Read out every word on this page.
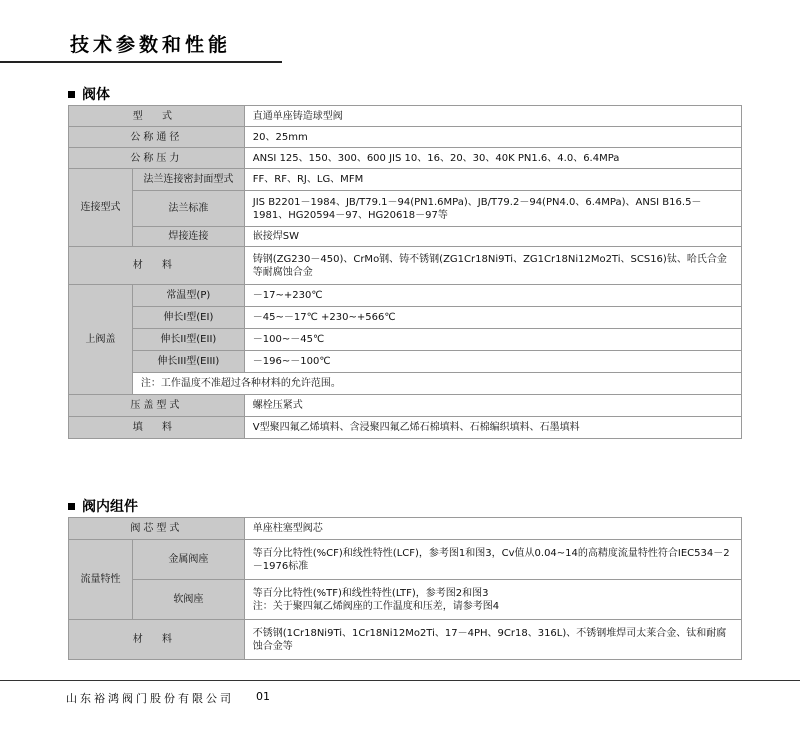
技术参数和性能
阀体
型 式		直通单座铸造球型阀
公称通径		20、25mm
公称压力		ANSI 125、150、300、600 JIS 10、16、20、30、40K PN1.6、4.0、6.4MPa
连接型式	法兰连接密封面型式	FF、RF、RJ、LG、MFM
	法兰标准	JIS B2201－1984、JB/T79.1－94(PN1.6MPa)、JB/T79.2－94(PN4.0、6.4MPa)、ANSI B16.5－1981、HG20594－97、HG20618－97等
	焊接连接	嵌接焊SW
材 料		铸钢(ZG230－450)、CrMo钢、铸不锈钢(ZG1Cr18Ni9Ti、ZG1Cr18Ni12Mo2Ti、SCS16)钛、哈氏合金等耐腐蚀合金
上阀盖	常温型(P)	－17~+230℃
	伸长I型(EI)	－45~－17℃ +230~+566℃
	伸长II型(EII)	－100~－45℃
	伸长III型(EIII)	－196~－100℃
	注：工作温度不准超过各种材料的允许范围。	
压盖型式		螺栓压紧式
填 料		V型聚四氟乙烯填料、含浸聚四氟乙烯石棉填料、石棉编织填料、石墨填料
阀内组件
阀芯型式		单座柱塞型阀芯
流量特性	金属阀座	等百分比特性(%CF)和线性特性(LCF)，参考图1和图3，Cv值从0.04~14的高精度流量特性符合IEC534－2－1976标准
	软阀座	等百分比特性(%TF)和线性特性(LTF)，参考图2和图3
注：关于聚四氟乙烯阀座的工作温度和压差，请参考图4
材 料		不锈钢(1Cr18Ni9Ti、1Cr18Ni12Mo2Ti、17－4PH、9Cr18、316L)、不锈钢堆焊司太莱合金、钛和耐腐蚀合金等
山东裕鸿阀门股份有限公司 01
